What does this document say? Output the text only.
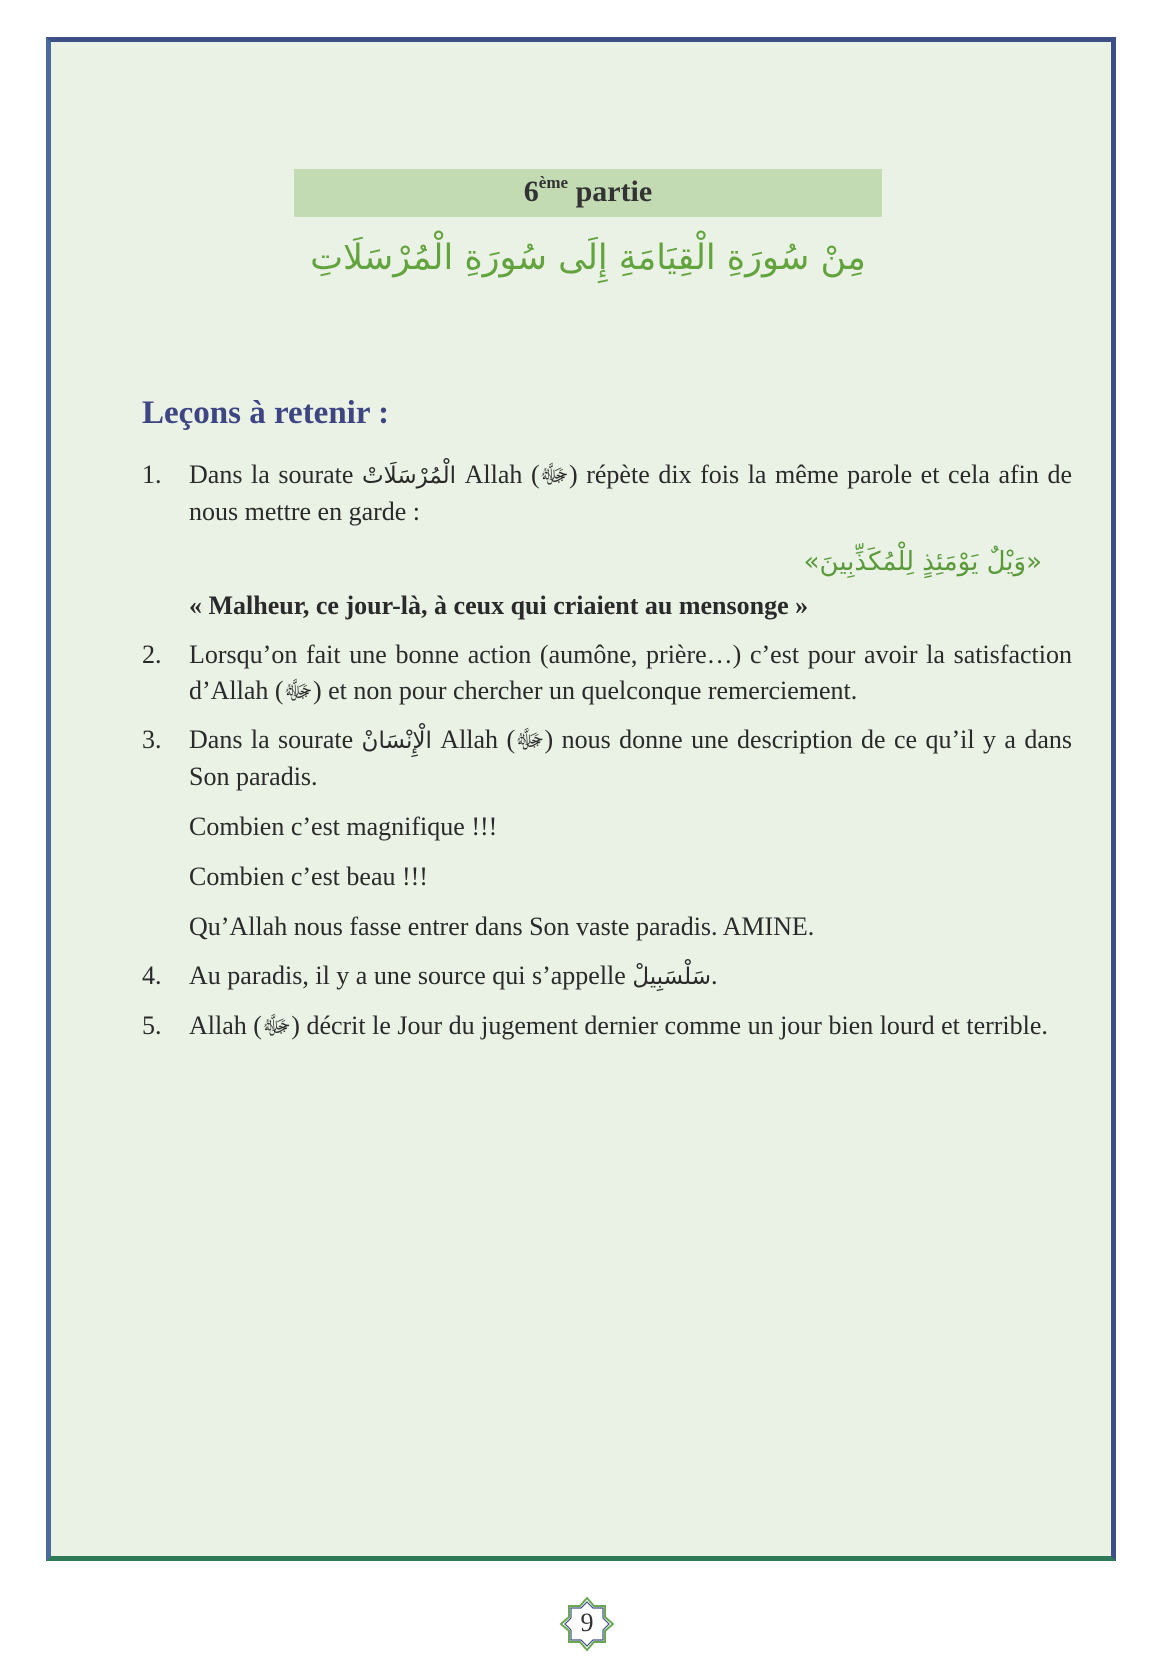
6ème partie
مِنْ سُورَةِ الْقِيَامَةِ إِلَى سُورَةِ الْمُرْسَلَاتِ
Leçons à retenir :
1. Dans la sourate الْمُرْسَلَاتْ Allah (ﷻ) répète dix fois la même parole et cela afin de nous mettre en garde :
«وَيْلٌ يَوْمَئِذٍ لِلْمُكَذِّبِينَ»
« Malheur, ce jour-là, à ceux qui criaient au mensonge »
2. Lorsqu’on fait une bonne action (aumône, prière…) c’est pour avoir la satisfaction d’Allah (ﷻ) et non pour chercher un quelconque remerciement.
3. Dans la sourate الْإِنْسَانْ Allah (ﷻ) nous donne une description de ce qu’il y a dans Son paradis.
Combien c’est magnifique !!!
Combien c’est beau !!!
Qu’Allah nous fasse entrer dans Son vaste paradis. AMINE.
4. Au paradis, il y a une source qui s’appelle سَلْسَبِيلْ.
5. Allah (ﷻ) décrit le Jour du jugement dernier comme un jour bien lourd et terrible.
9
